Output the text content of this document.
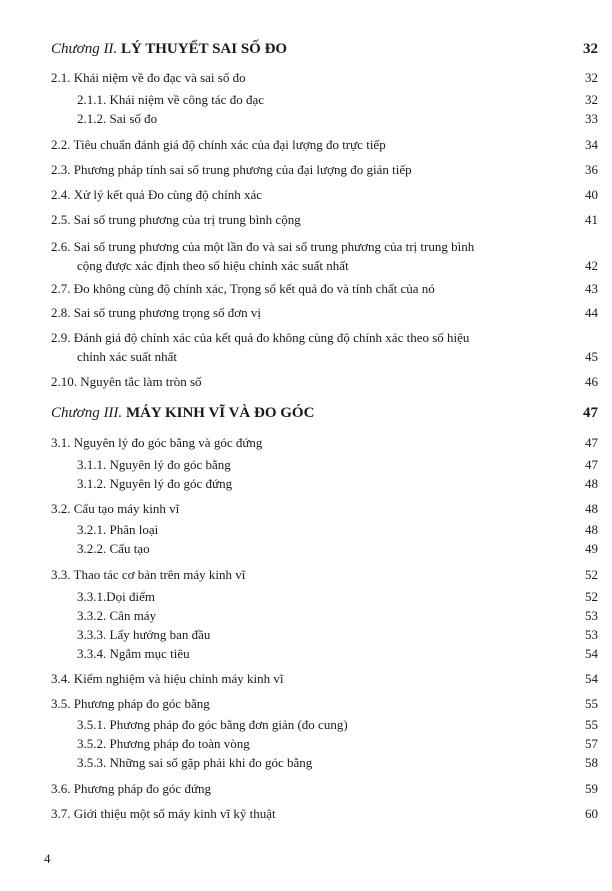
Chương II. LÝ THUYẾT SAI SỐ ĐO	32
2.1. Khái niệm về đo đạc và sai số đo	32
2.1.1. Khái niệm về công tác đo đạc	32
2.1.2. Sai số đo	33
2.2. Tiêu chuẩn đánh giá độ chính xác của đại lượng đo trực tiếp	34
2.3. Phương pháp tính sai số trung phương của đại lượng đo gián tiếp	36
2.4. Xử lý kết quả Đo cùng độ chính xác	40
2.5. Sai số trung phương của trị trung bình cộng	41
2.6. Sai số trung phương của một lần đo và sai số trung phương của trị trung bình
cộng được xác định theo số hiệu chỉnh xác suất nhất	42
2.7. Đo không cùng độ chính xác, Trọng số kết quả đo và tính chất của nó	43
2.8. Sai số trung phương trọng số đơn vị	44
2.9. Đánh giá độ chính xác của kết quả đo không cùng độ chính xác theo số hiệu
chỉnh xác suất nhất	45
2.10. Nguyên tắc làm tròn số	46
Chương III. MÁY KINH VĨ VÀ ĐO GÓC	47
3.1. Nguyên lý đo góc bằng và góc đứng	47
3.1.1. Nguyên lý đo góc bằng	47
3.1.2. Nguyên lý đo góc đứng	48
3.2. Cấu tạo máy kinh vĩ	48
3.2.1. Phân loại	48
3.2.2. Cấu tạo	49
3.3. Thao tác cơ bản trên máy kinh vĩ	52
3.3.1.Dọi điểm	52
3.3.2. Cân máy	53
3.3.3. Lấy hướng ban đầu	53
3.3.4. Ngắm mục tiêu	54
3.4. Kiểm nghiệm và hiệu chỉnh máy kinh vĩ	54
3.5. Phương pháp đo góc bằng	55
3.5.1. Phương pháp đo góc bằng đơn giản (đo cung)	55
3.5.2. Phương pháp đo toàn vòng	57
3.5.3. Những sai số gặp phải khi đo góc bằng	58
3.6. Phương pháp đo góc đứng	59
3.7. Giới thiệu một số máy kinh vĩ kỹ thuật	60
4
